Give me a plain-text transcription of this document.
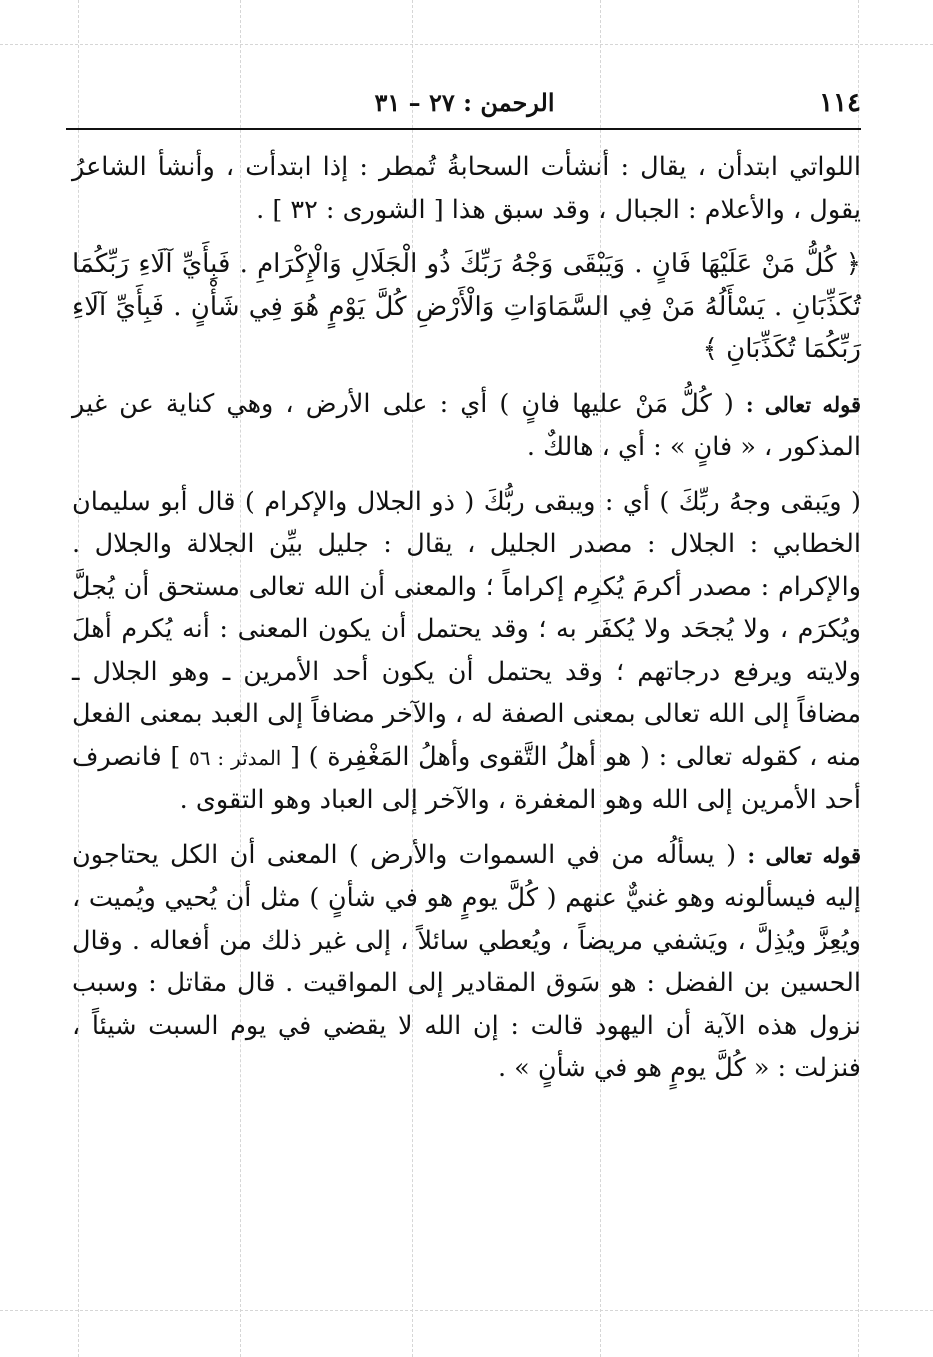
١١٤
الرحمن : ٢٧ – ٣١

اللواتي ابتدأن ، يقال : أنشأت السحابةُ تُمطر : إذا ابتدأت ، وأنشأ الشاعرُ يقول ، والأعلام : الجبال ، وقد سبق هذا [ الشورى : ٣٢ ] .

﴿ كُلُّ مَنْ عَلَيْهَا فَانٍ . وَيَبْقَى وَجْهُ رَبِّكَ ذُو الْجَلَالِ وَالْإِكْرَامِ . فَبِأَيِّ آلَاءِ رَبِّكُمَا تُكَذِّبَانِ . يَسْأَلُهُ مَنْ فِي السَّمَاوَاتِ وَالْأَرْضِ كُلَّ يَوْمٍ هُوَ فِي شَأْنٍ . فَبِأَيِّ آلَاءِ رَبِّكُمَا تُكَذِّبَانِ ﴾

قوله تعالى : ( كُلُّ مَنْ عليها فانٍ ) أي : على الأرض ، وهي كناية عن غير المذكور ، « فانٍ » : أي ، هالكٌ .

( ويَبقى وجهُ ربِّكَ ) أي : ويبقى ربُّكَ ( ذو الجلال والإكرام ) قال أبو سليمان الخطابي : الجلال : مصدر الجليل ، يقال : جليل بيِّن الجلالة والجلال . والإكرام : مصدر أكرمَ يُكرِم إكراماً ؛ والمعنى أن الله تعالى مستحق أن يُجلَّ ويُكرَم ، ولا يُجحَد ولا يُكفَر به ؛ وقد يحتمل أن يكون المعنى : أنه يُكرم أهلَ ولايته ويرفع درجاتهم ؛ وقد يحتمل أن يكون أحد الأمرين ـ وهو الجلال ـ مضافاً إلى الله تعالى بمعنى الصفة له ، والآخر مضافاً إلى العبد بمعنى الفعل منه ، كقوله تعالى : ( هو أهلُ التَّقوى وأهلُ المَغْفِرة ) [ المدثر : ٥٦ ] فانصرف أحد الأمرين إلى الله وهو المغفرة ، والآخر إلى العباد وهو التقوى .

قوله تعالى : ( يسألُه من في السموات والأرض ) المعنى أن الكل يحتاجون إليه فيسألونه وهو غنيٌّ عنهم ( كُلَّ يومٍ هو في شأنٍ ) مثل أن يُحيي ويُميت ، ويُعِزَّ ويُذِلَّ ، ويَشفي مريضاً ، ويُعطي سائلاً ، إلى غير ذلك من أفعاله . وقال الحسين بن الفضل : هو سَوق المقادير إلى المواقيت . قال مقاتل : وسبب نزول هذه الآية أن اليهود قالت : إن الله لا يقضي في يوم السبت شيئاً ، فنزلت : « كُلَّ يومٍ هو في شأنٍ » .
